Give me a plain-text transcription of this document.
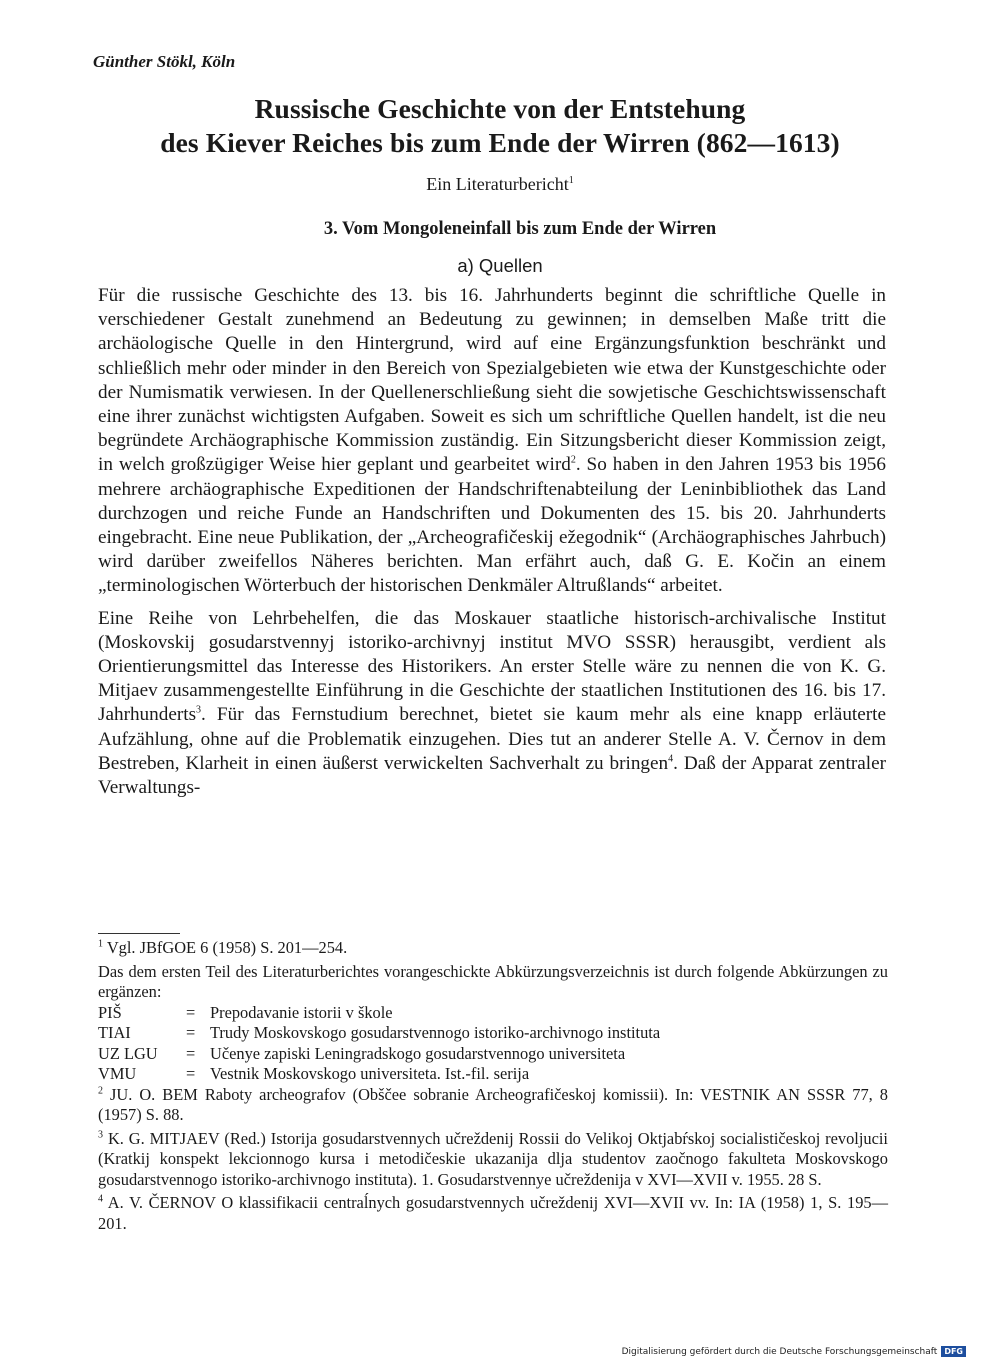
Günther Stökl, Köln
Russische Geschichte von der Entstehung
des Kiever Reiches bis zum Ende der Wirren (862—1613)
Ein Literaturbericht$^1$
3. Vom Mongoleneinfall bis zum Ende der Wirren
a) Quellen

Für die russische Geschichte des 13. bis 16. Jahrhunderts beginnt die schriftliche Quelle in verschiedener Gestalt zunehmend an Bedeutung zu gewinnen; in demselben Maße tritt die archäologische Quelle in den Hintergrund, wird auf eine Ergänzungsfunktion beschränkt und schließlich mehr oder minder in den Bereich von Spezialgebieten wie etwa der Kunstgeschichte oder der Numismatik verwiesen. In der Quellenerschließung sieht die sowjetische Geschichtswissenschaft eine ihrer zunächst wichtigsten Aufgaben. Soweit es sich um schriftliche Quellen handelt, ist die neu begründete Archäographische Kommission zuständig. Ein Sitzungsbericht dieser Kommission zeigt, in welch großzügiger Weise hier geplant und gearbeitet wird$^2$. So haben in den Jahren 1953 bis 1956 mehrere archäographische Expeditionen der Handschriftenabteilung der Leninbibliothek das Land durchzogen und reiche Funde an Handschriften und Dokumenten des 15. bis 20. Jahrhunderts eingebracht. Eine neue Publikation, der „Archeografičeskij ežegodnik“ (Archäographisches Jahrbuch) wird darüber zweifellos Näheres berichten. Man erfährt auch, daß G. E. Kočin an einem „terminologischen Wörterbuch der historischen Denkmäler Altrußlands“ arbeitet.

Eine Reihe von Lehrbehelfen, die das Moskauer staatliche historisch-archivalische Institut (Moskovskij gosudarstvennyj istoriko-archivnyj institut MVO SSSR) herausgibt, verdient als Orientierungsmittel das Interesse des Historikers. An erster Stelle wäre zu nennen die von K. G. Mitjaev zusammengestellte Einführung in die Geschichte der staatlichen Institutionen des 16. bis 17. Jahrhunderts$^3$. Für das Fernstudium berechnet, bietet sie kaum mehr als eine knapp erläuterte Aufzählung, ohne auf die Problematik einzugehen. Dies tut an anderer Stelle A. V. Černov in dem Bestreben, Klarheit in einen äußerst verwickelten Sachverhalt zu bringen$^4$. Daß der Apparat zentraler Verwaltungs-

$^1$ Vgl. JBfGOE 6 (1958) S. 201—254.
Das dem ersten Teil des Literaturberichtes vorangeschickte Abkürzungsverzeichnis ist durch folgende Abkürzungen zu ergänzen:
PIŠ	= Prepodavanie istorii v škole
TIAI	= Trudy Moskovskogo gosudarstvennogo istoriko-archivnogo instituta
UZ LGU	= Učenye zapiski Leningradskogo gosudarstvennogo universiteta
VMU	= Vestnik Moskovskogo universiteta. Ist.-fil. serija
$^2$ JU. O. BEM Raboty archeografov (Obščee sobranie Archeografičeskoj komissii). In: VESTNIK AN SSSR 77, 8 (1957) S. 88.
$^3$ K. G. MITJAEV (Red.) Istorija gosudarstvennych učreždenij Rossii do Velikoj Oktjabŕskoj socialističeskoj revoljucii (Kratkij konspekt lekcionnogo kursa i metodičeskie ukazanija dlja studentov zaočnogo fakulteta Moskovskogo gosudarstvennogo istoriko-archivnogo instituta). 1. Gosudarstvennye učreždenija v XVI—XVII v. 1955. 28 S.
$^4$ A. V. ČERNOV O klassifikacii centraĺnych gosudarstvennych učreždenij XVI—XVII vv. In: IA (1958) 1, S. 195—201.
Digitalisierung gefördert durch die Deutsche Forschungsgemeinschaft DFG
